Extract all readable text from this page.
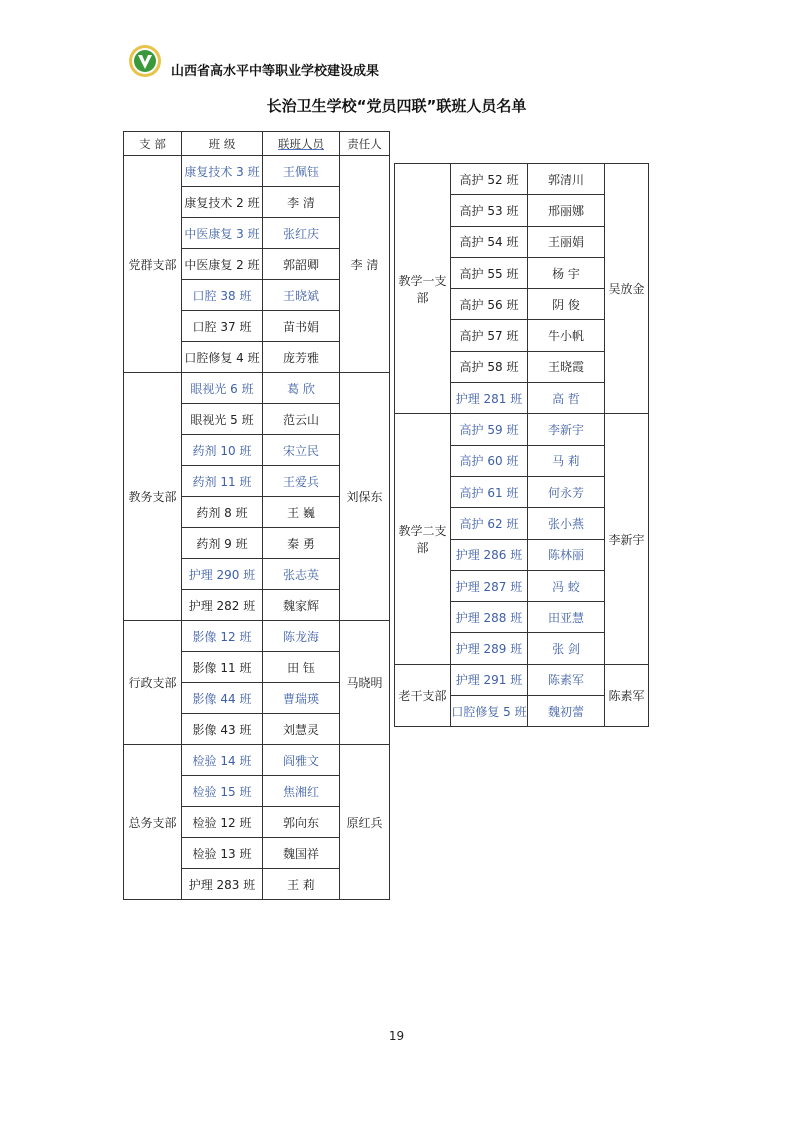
山西省高水平中等职业学校建设成果
长治卫生学校“党员四联”联班人员名单
支 部	班 级	联班人员	责任人
党群支部	康复技术 3 班	王佩钰	李 清
	康复技术 2 班	李 清	
	中医康复 3 班	张红庆	
	中医康复 2 班	郭韶卿	
	口腔 38 班	王晓斌	
	口腔 37 班	苗书娟	
	口腔修复 4 班	庞芳雅	
教务支部	眼视光 6 班	葛 欣	刘保东
	眼视光 5 班	范云山	
	药剂 10 班	宋立民	
	药剂 11 班	王爱兵	
	药剂 8 班	王 巍	
	药剂 9 班	秦 勇	
	护理 290 班	张志英	
	护理 282 班	魏家辉	
行政支部	影像 12 班	陈龙海	马晓明
	影像 11 班	田 钰	
	影像 44 班	曹瑞瑛	
	影像 43 班	刘慧灵	
总务支部	检验 14 班	阎雅文	原红兵
	检验 15 班	焦湘红	
	检验 12 班	郭向东	
	检验 13 班	魏国祥	
	护理 283 班	王 莉	
教学一支
部	高护 52 班	郭清川	吴放金
	高护 53 班	邢丽娜	
	高护 54 班	王丽娟	
	高护 55 班	杨 宇	
	高护 56 班	阴 俊	
	高护 57 班	牛小帆	
	高护 58 班	王晓霞	
	护理 281 班	高 哲	

教学二支
部	高护 59 班	李新宇	李新宇
	高护 60 班	马 莉	
	高护 61 班	何永芳	
	高护 62 班	张小燕	
	护理 286 班	陈林丽	
	护理 287 班	冯 蛟	
	护理 288 班	田亚慧	
	护理 289 班	张 剑	

老干支部	护理 291 班	陈素军	陈素军
	口腔修复 5 班	魏初蕾	
19
